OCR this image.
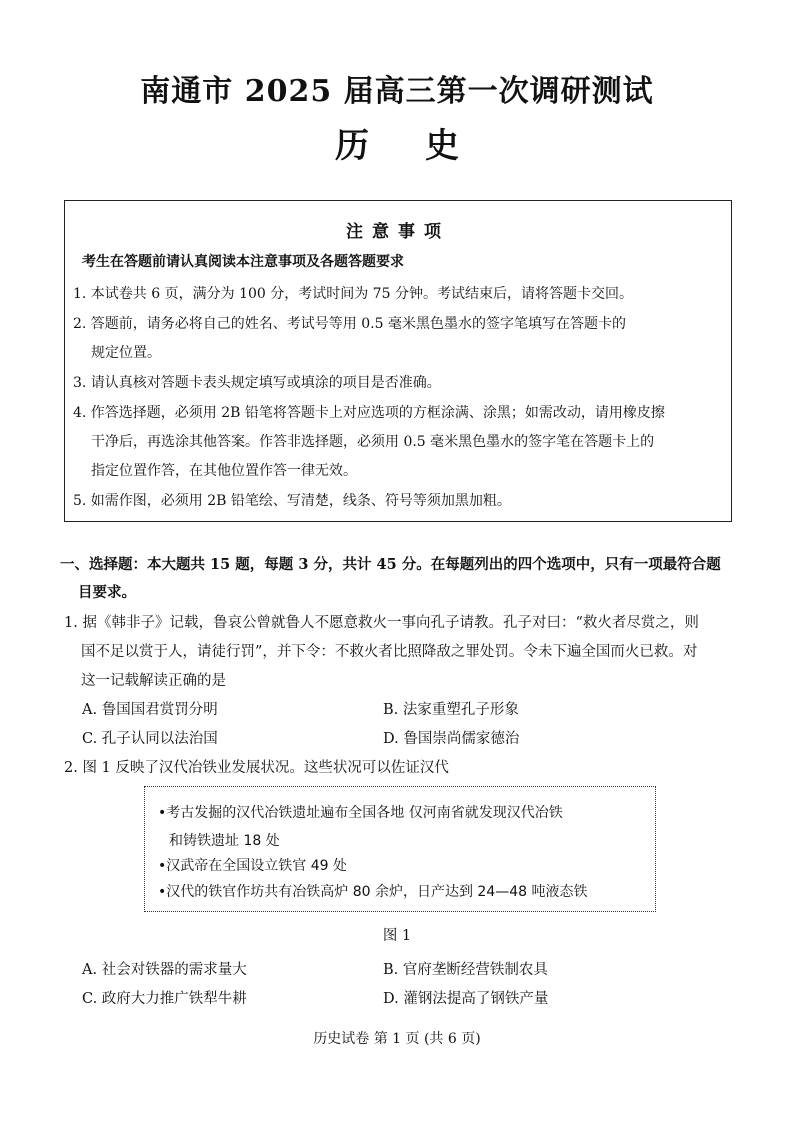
南通市 2025 届高三第一次调研测试
历史
注意事项
考生在答题前请认真阅读本注意事项及各题答题要求
1. 本试卷共 6 页，满分为 100 分，考试时间为 75 分钟。考试结束后，请将答题卡交回。
2. 答题前，请务必将自己的姓名、考试号等用 0.5 毫米黑色墨水的签字笔填写在答题卡的
规定位置。
3. 请认真核对答题卡表头规定填写或填涂的项目是否准确。
4. 作答选择题，必须用 2B 铅笔将答题卡上对应选项的方框涂满、涂黑；如需改动，请用橡皮擦
干净后，再选涂其他答案。作答非选择题，必须用 0.5 毫米黑色墨水的签字笔在答题卡上的
指定位置作答，在其他位置作答一律无效。
5. 如需作图，必须用 2B 铅笔绘、写清楚，线条、符号等须加黑加粗。
一、选择题：本大题共 15 题，每题 3 分，共计 45 分。在每题列出的四个选项中，只有一项最符合题
目要求。
1. 据《韩非子》记载，鲁哀公曾就鲁人不愿意救火一事向孔子请教。孔子对曰：“救火者尽赏之，则
国不足以赏于人，请徒行罚”，并下令：不救火者比照降敌之罪处罚。令未下遍全国而火已救。对
这一记载解读正确的是
A. 鲁国国君赏罚分明	B. 法家重塑孔子形象
C. 孔子认同以法治国	D. 鲁国崇尚儒家德治
2. 图 1 反映了汉代冶铁业发展状况。这些状况可以佐证汉代
•考古发掘的汉代冶铁遗址遍布全国各地 仅河南省就发现汉代冶铁
和铸铁遗址 18 处
•汉武帝在全国设立铁官 49 处
•汉代的铁官作坊共有冶铁高炉 80 余炉，日产达到 24—48 吨液态铁
图 1
A. 社会对铁器的需求量大	B. 官府垄断经营铁制农具
C. 政府大力推广铁犁牛耕	D. 灌钢法提高了钢铁产量
历史试卷 第 1 页 (共 6 页)
